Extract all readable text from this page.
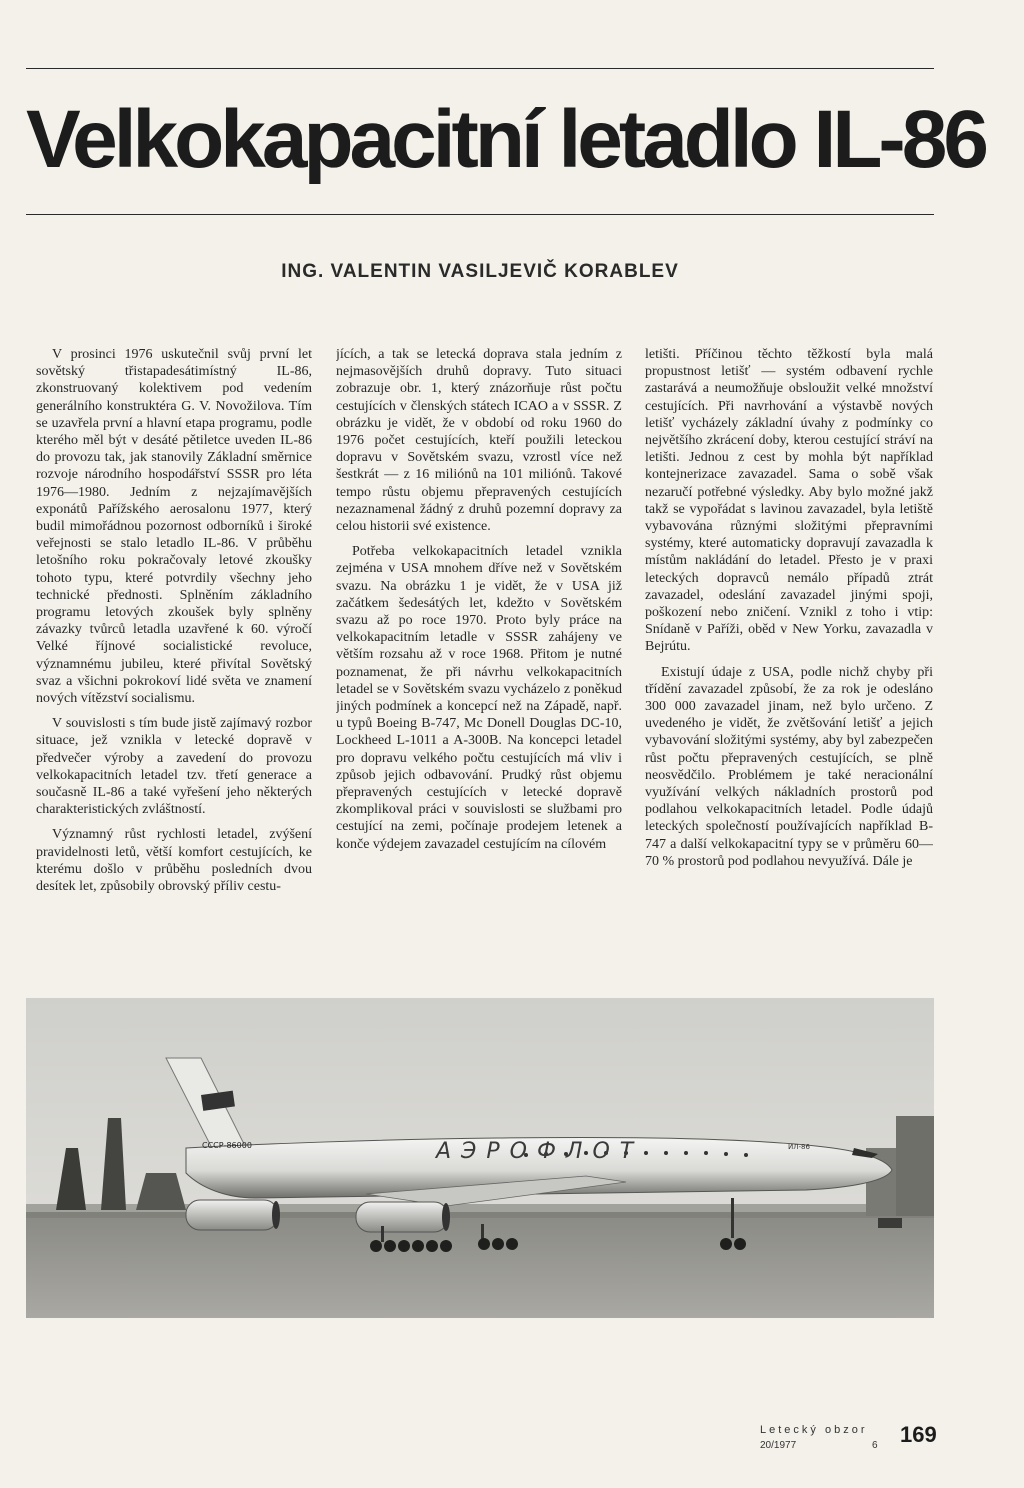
Velkokapacitní letadlo IL-86
ING. VALENTIN VASILJEVIČ KORABLEV

V prosinci 1976 uskutečnil svůj první let sovětský třistapadesátimístný IL-86, zkonstruovaný kolektivem pod vedením generálního konstruktéra G. V. Novožilova. Tím se uzavřela první a hlavní etapa programu, podle kterého měl být v desáté pětiletce uveden IL-86 do provozu tak, jak stanovily Základní směrnice rozvoje národního hospodářství SSSR pro léta 1976—1980. Jedním z nejzajímavějších exponátů Pařížského aerosalonu 1977, který budil mimořádnou pozornost odborníků i široké veřejnosti se stalo letadlo IL-86. V průběhu letošního roku pokračovaly letové zkoušky tohoto typu, které potvrdily všechny jeho technické přednosti. Splněním základního programu letových zkoušek byly splněny závazky tvůrců letadla uzavřené k 60. výročí Velké říjnové socialistické revoluce, významnému jubileu, které přivítal Sovětský svaz a všichni pokrokoví lidé světa ve znamení nových vítězství socialismu.

V souvislosti s tím bude jistě zajímavý rozbor situace, jež vznikla v letecké dopravě v předvečer výroby a zavedení do provozu velkokapacitních letadel tzv. třetí generace a současně IL-86 a také vyřešení jeho některých charakteristických zvláštností.

Významný růst rychlosti letadel, zvýšení pravidelnosti letů, větší komfort cestujících, ke kterému došlo v průběhu posledních dvou desítek let, způsobily obrovský příliv cestu-

jících, a tak se letecká doprava stala jedním z nejmasovějších druhů dopravy. Tuto situaci zobrazuje obr. 1, který znázorňuje růst počtu cestujících v členských státech ICAO a v SSSR. Z obrázku je vidět, že v období od roku 1960 do 1976 počet cestujících, kteří použili leteckou dopravu v Sovětském svazu, vzrostl více než šestkrát — z 16 miliónů na 101 miliónů. Takové tempo růstu objemu přepravených cestujících nezaznamenal žádný z druhů pozemní dopravy za celou historii své existence.

Potřeba velkokapacitních letadel vznikla zejména v USA mnohem dříve než v Sovětském svazu. Na obrázku 1 je vidět, že v USA již začátkem šedesátých let, kdežto v Sovětském svazu až po roce 1970. Proto byly práce na velkokapacitním letadle v SSSR zahájeny ve větším rozsahu až v roce 1968. Přitom je nutné poznamenat, že při návrhu velkokapacitních letadel se v Sovětském svazu vycházelo z poněkud jiných podmínek a koncepcí než na Západě, např. u typů Boeing B-747, Mc Donell Douglas DC-10, Lockheed L-1011 a A-300B. Na koncepci letadel pro dopravu velkého počtu cestujících má vliv i způsob jejich odbavování. Prudký růst objemu přepravených cestujících v letecké dopravě zkomplikoval práci v souvislosti se službami pro cestující na zemi, počínaje prodejem letenek a konče výdejem zavazadel cestujícím na cílovém

letišti. Příčinou těchto těžkostí byla malá propustnost letišť — systém odbavení rychle zastarává a neumožňuje obsloužit velké množství cestujících. Při navrhování a výstavbě nových letišť vycházely základní úvahy z podmínky co největšího zkrácení doby, kterou cestující stráví na letišti. Jednou z cest by mohla být například kontejnerizace zavazadel. Sama o sobě však nezaručí potřebné výsledky. Aby bylo možné jakž takž se vypořádat s lavinou zavazadel, byla letiště vybavována různými složitými přepravními systémy, které automaticky dopravují zavazadla k místům nakládání do letadel. Přesto je v praxi leteckých dopravců nemálo případů ztrát zavazadel, odeslání zavazadel jinými spoji, poškození nebo zničení. Vznikl z toho i vtip: Snídaně v Paříži, oběd v New Yorku, zavazadla v Bejrútu.

Existují údaje z USA, podle nichž chyby při třídění zavazadel způsobí, že za rok je odesláno 300 000 zavazadel jinam, než bylo určeno. Z uvedeného je vidět, že zvětšování letišť a jejich vybavování složitými systémy, aby byl zabezpečen růst počtu přepravených cestujících, se plně neosvědčilo. Problémem je také neracionální využívání velkých nákladních prostorů pod podlahou velkokapacitních letadel. Podle údajů leteckých společností používajících například B-747 a další velkokapacitní typy se v průměru 60—70 % prostorů pod podlahou nevyužívá. Dále je

АЭРОФЛОТ
СССР-86000	ИЛ-86
Letecký obzor
20/1977	6 169
